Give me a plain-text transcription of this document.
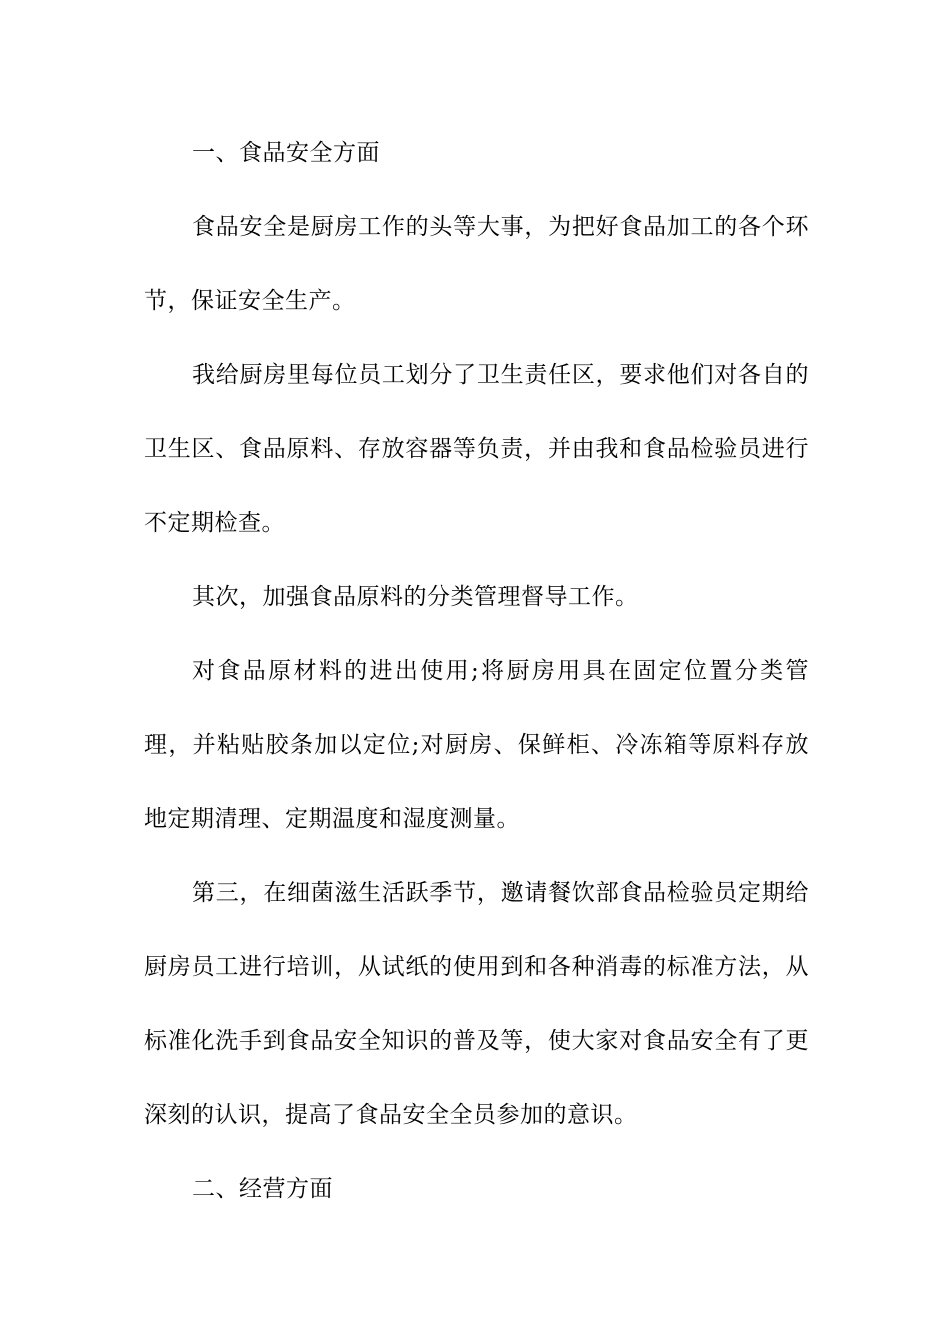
一、食品安全方面

食品安全是厨房工作的头等大事，为把好食品加工的各个环节，保证安全生产。

我给厨房里每位员工划分了卫生责任区，要求他们对各自的卫生区、食品原料、存放容器等负责，并由我和食品检验员进行不定期检查。

其次，加强食品原料的分类管理督导工作。

对食品原材料的进出使用;将厨房用具在固定位置分类管理，并粘贴胶条加以定位;对厨房、保鲜柜、冷冻箱等原料存放地定期清理、定期温度和湿度测量。

第三，在细菌滋生活跃季节，邀请餐饮部食品检验员定期给厨房员工进行培训，从试纸的使用到和各种消毒的标准方法，从标准化洗手到食品安全知识的普及等，使大家对食品安全有了更深刻的认识，提高了食品安全全员参加的意识。

二、经营方面
